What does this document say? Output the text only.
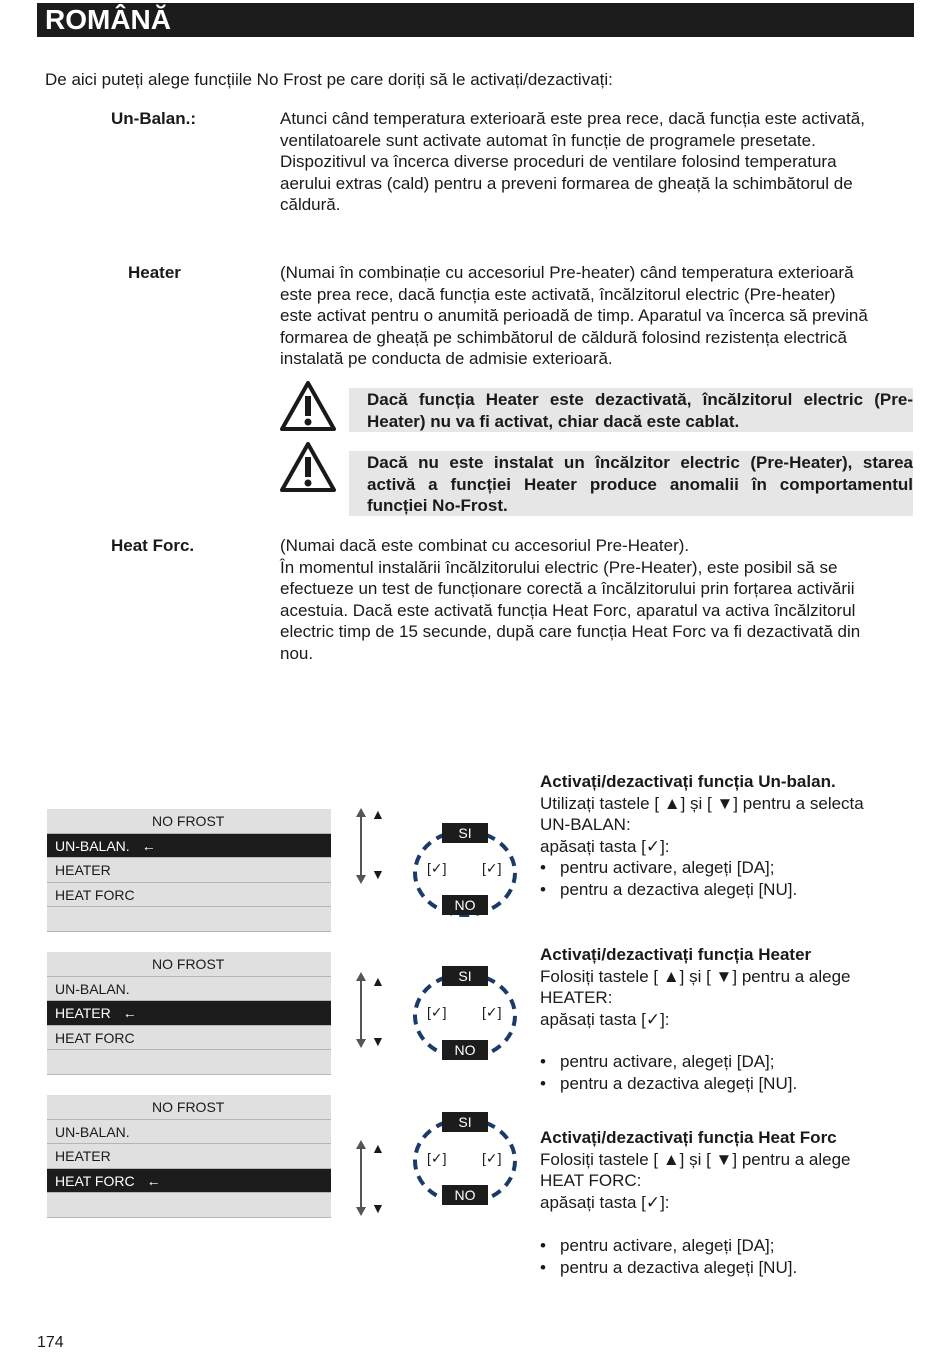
ROMÂNĂ
De aici puteți alege funcțiile No Frost pe care doriți să le activați/dezactivați:
Un-Balan.:	Atunci când temperatura exterioară este prea rece, dacă funcția este activată,
ventilatoarele sunt activate automat în funcție de programele presetate.
Dispozitivul va încerca diverse proceduri de ventilare folosind temperatura
aerului extras (cald) pentru a preveni formarea de gheață la schimbătorul de
căldură.
Heater	(Numai în combinație cu accesoriul Pre-heater) când temperatura exterioară
este prea rece, dacă funcția este activată, încălzitorul electric (Pre-heater)
este activat pentru o anumită perioadă de timp. Aparatul va încerca să prevină
formarea de gheață pe schimbătorul de căldură folosind rezistența electrică
instalată pe conducta de admisie exterioară.
Dacă funcția Heater este dezactivată, încălzitorul electric (Pre-Heater) nu va fi activat, chiar dacă este cablat.
Dacă nu este instalat un încălzitor electric (Pre-Heater), starea activă a funcției Heater produce anomalii în comportamentul funcției No-Frost.
Heat Forc.	(Numai dacă este combinat cu accesoriul Pre-Heater).
În momentul instalării încălzitorului electric (Pre-Heater), este posibil să se
efectueze un test de funcționare corectă a încălzitorului prin forțarea activării
acestuia. Dacă este activată funcția Heat Forc, aparatul va activa încălzitorul
electric timp de 15 secunde, după care funcția Heat Forc va fi dezactivată din
nou.
NO FROST
UN-BALAN. ←
HEATER
HEAT FORC
NO FROST
UN-BALAN.
HEATER ←
HEAT FORC
NO FROST
UN-BALAN.
HEATER
HEAT FORC ←
▲
▼
▲
▼
▲
▼
SI
[✓]	[✓]
NO
SI
[✓]	[✓]
NO
SI
[✓]	[✓]
NO
Activați/dezactivați funcția Un-balan.
Utilizați tastele [ ▲] și [ ▼] pentru a selecta
UN-BALAN:
apăsați tasta [✓]:
• pentru activare, alegeți [DA];
• pentru a dezactiva alegeți [NU].
Activați/dezactivați funcția Heater
Folosiți tastele [ ▲] și [ ▼] pentru a alege
HEATER:
apăsați tasta [✓]:
• pentru activare, alegeți [DA];
• pentru a dezactiva alegeți [NU].
Activați/dezactivați funcția Heat Forc
Folosiți tastele [ ▲] și [ ▼] pentru a alege
HEAT FORC:
apăsați tasta [✓]:
• pentru activare, alegeți [DA];
• pentru a dezactiva alegeți [NU].
174
